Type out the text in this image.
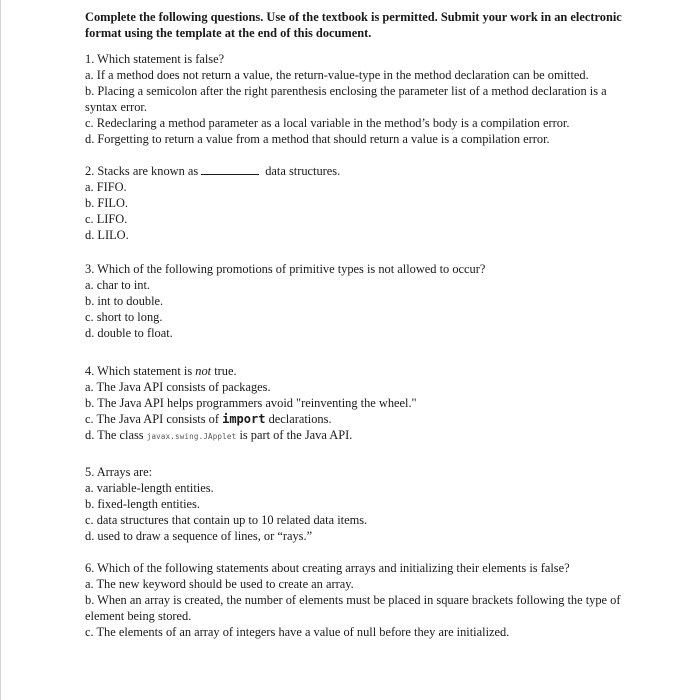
Complete the following questions. Use of the textbook is permitted. Submit your work in an electronic format using the template at the end of this document.

1. Which statement is false?
a. If a method does not return a value, the return-value-type in the method declaration can be omitted.
b. Placing a semicolon after the right parenthesis enclosing the parameter list of a method declaration is a syntax error.
c. Redeclaring a method parameter as a local variable in the method’s body is a compilation error.
d. Forgetting to return a value from a method that should return a value is a compilation error.
2. Stacks are known as	data structures.
a. FIFO.
b. FILO.
c. LIFO.
d. LILO.
3. Which of the following promotions of primitive types is not allowed to occur?
a. char to int.
b. int to double.
c. short to long.
d. double to float.
4. Which statement is not true.
a. The Java API consists of packages.
b. The Java API helps programmers avoid "reinventing the wheel."
c. The Java API consists of import declarations.
d. The class javax.swing.JApplet is part of the Java API.
5. Arrays are:
a. variable-length entities.
b. fixed-length entities.
c. data structures that contain up to 10 related data items.
d. used to draw a sequence of lines, or “rays.”
6. Which of the following statements about creating arrays and initializing their elements is false?
a. The new keyword should be used to create an array.
b. When an array is created, the number of elements must be placed in square brackets following the type of element being stored.
c. The elements of an array of integers have a value of null before they are initialized.
